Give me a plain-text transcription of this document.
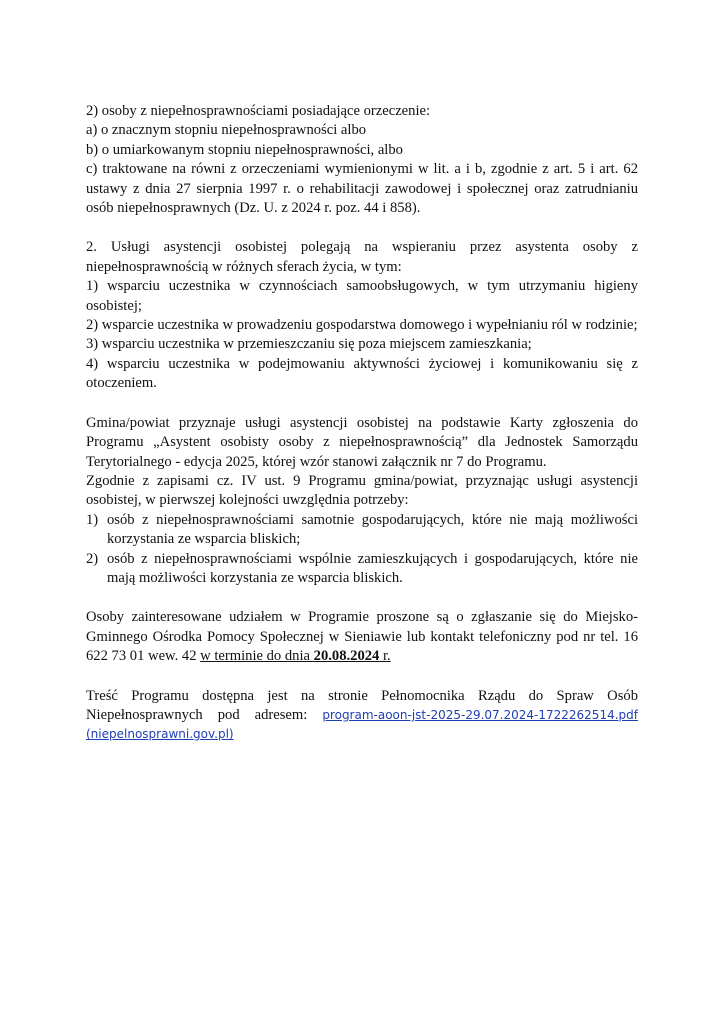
2) osoby z niepełnosprawnościami posiadające orzeczenie:

a) o znacznym stopniu niepełnosprawności albo

b) o umiarkowanym stopniu niepełnosprawności, albo

c) traktowane na równi z orzeczeniami wymienionymi w lit. a i b, zgodnie z art. 5 i art. 62 ustawy z dnia 27 sierpnia 1997 r. o rehabilitacji zawodowej i społecznej oraz zatrudnianiu osób niepełnosprawnych (Dz. U. z 2024 r. poz. 44 i 858).

2. Usługi asystencji osobistej polegają na wspieraniu przez asystenta osoby z niepełnosprawnością w różnych sferach życia, w tym:

1) wsparciu uczestnika w czynnościach samoobsługowych, w tym utrzymaniu higieny osobistej;

2) wsparcie uczestnika w prowadzeniu gospodarstwa domowego i wypełnianiu ról w rodzinie;

3) wsparciu uczestnika w przemieszczaniu się poza miejscem zamieszkania;

4) wsparciu uczestnika w podejmowaniu aktywności życiowej i komunikowaniu się z otoczeniem.

Gmina/powiat przyznaje usługi asystencji osobistej na podstawie Karty zgłoszenia do Programu „Asystent osobisty osoby z niepełnosprawnością” dla Jednostek Samorządu Terytorialnego - edycja 2025, której wzór stanowi załącznik nr 7 do Programu.

Zgodnie z zapisami cz. IV ust. 9 Programu gmina/powiat, przyznając usługi asystencji osobistej, w pierwszej kolejności uwzględnia potrzeby:

1) osób z niepełnosprawnościami samotnie gospodarujących, które nie mają możliwości korzystania ze wsparcia bliskich;

2) osób z niepełnosprawnościami wspólnie zamieszkujących i gospodarujących, które nie mają możliwości korzystania ze wsparcia bliskich.

Osoby zainteresowane udziałem w Programie proszone są o zgłaszanie się do Miejsko-Gminnego Ośrodka Pomocy Społecznej w Sieniawie lub kontakt telefoniczny pod nr tel. 16 622 73 01 wew. 42 w terminie do dnia 20.08.2024 r.

Treść Programu dostępna jest na stronie Pełnomocnika Rządu do Spraw Osób Niepełnosprawnych pod adresem: program-aoon-jst-2025-29.07.2024-1722262514.pdf

(niepelnosprawni.gov.pl)
